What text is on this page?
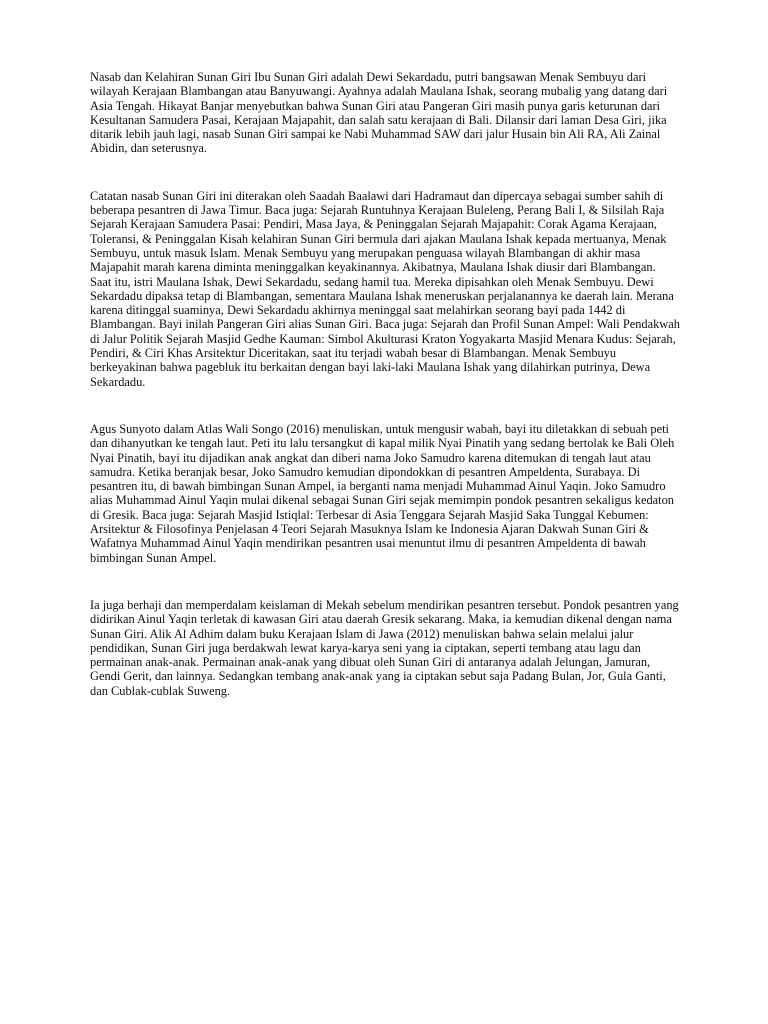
Nasab dan Kelahiran Sunan Giri Ibu Sunan Giri adalah Dewi Sekardadu, putri bangsawan Menak Sembuyu dari wilayah Kerajaan Blambangan atau Banyuwangi. Ayahnya adalah Maulana Ishak, seorang mubalig yang datang dari Asia Tengah. Hikayat Banjar menyebutkan bahwa Sunan Giri atau Pangeran Giri masih punya garis keturunan dari Kesultanan Samudera Pasai, Kerajaan Majapahit, dan salah satu kerajaan di Bali. Dilansir dari laman Desa Giri, jika ditarik lebih jauh lagi, nasab Sunan Giri sampai ke Nabi Muhammad SAW dari jalur Husain bin Ali RA, Ali Zainal Abidin, dan seterusnya.

Catatan nasab Sunan Giri ini diterakan oleh Saadah Baalawi dari Hadramaut dan dipercaya sebagai sumber sahih di beberapa pesantren di Jawa Timur. Baca juga: Sejarah Runtuhnya Kerajaan Buleleng, Perang Bali I, & Silsilah Raja Sejarah Kerajaan Samudera Pasai: Pendiri, Masa Jaya, & Peninggalan Sejarah Majapahit: Corak Agama Kerajaan, Toleransi, & Peninggalan Kisah kelahiran Sunan Giri bermula dari ajakan Maulana Ishak kepada mertuanya, Menak Sembuyu, untuk masuk Islam. Menak Sembuyu yang merupakan penguasa wilayah Blambangan di akhir masa Majapahit marah karena diminta meninggalkan keyakinannya. Akibatnya, Maulana Ishak diusir dari Blambangan. Saat itu, istri Maulana Ishak, Dewi Sekardadu, sedang hamil tua. Mereka dipisahkan oleh Menak Sembuyu. Dewi Sekardadu dipaksa tetap di Blambangan, sementara Maulana Ishak meneruskan perjalanannya ke daerah lain. Merana karena ditinggal suaminya, Dewi Sekardadu akhirnya meninggal saat melahirkan seorang bayi pada 1442 di Blambangan. Bayi inilah Pangeran Giri alias Sunan Giri. Baca juga: Sejarah dan Profil Sunan Ampel: Wali Pendakwah di Jalur Politik Sejarah Masjid Gedhe Kauman: Simbol Akulturasi Kraton Yogyakarta Masjid Menara Kudus: Sejarah, Pendiri, & Ciri Khas Arsitektur Diceritakan, saat itu terjadi wabah besar di Blambangan. Menak Sembuyu berkeyakinan bahwa pagebluk itu berkaitan dengan bayi laki-laki Maulana Ishak yang dilahirkan putrinya, Dewa Sekardadu.

Agus Sunyoto dalam Atlas Wali Songo (2016) menuliskan, untuk mengusir wabah, bayi itu diletakkan di sebuah peti dan dihanyutkan ke tengah laut. Peti itu lalu tersangkut di kapal milik Nyai Pinatih yang sedang bertolak ke Bali Oleh Nyai Pinatih, bayi itu dijadikan anak angkat dan diberi nama Joko Samudro karena ditemukan di tengah laut atau samudra. Ketika beranjak besar, Joko Samudro kemudian dipondokkan di pesantren Ampeldenta, Surabaya. Di pesantren itu, di bawah bimbingan Sunan Ampel, ia berganti nama menjadi Muhammad Ainul Yaqin. Joko Samudro alias Muhammad Ainul Yaqin mulai dikenal sebagai Sunan Giri sejak memimpin pondok pesantren sekaligus kedaton di Gresik. Baca juga: Sejarah Masjid Istiqlal: Terbesar di Asia Tenggara Sejarah Masjid Saka Tunggal Kebumen: Arsitektur & Filosofinya Penjelasan 4 Teori Sejarah Masuknya Islam ke Indonesia Ajaran Dakwah Sunan Giri & Wafatnya Muhammad Ainul Yaqin mendirikan pesantren usai menuntut ilmu di pesantren Ampeldenta di bawah bimbingan Sunan Ampel.

Ia juga berhaji dan memperdalam keislaman di Mekah sebelum mendirikan pesantren tersebut. Pondok pesantren yang didirikan Ainul Yaqin terletak di kawasan Giri atau daerah Gresik sekarang. Maka, ia kemudian dikenal dengan nama Sunan Giri. Alik Al Adhim dalam buku Kerajaan Islam di Jawa (2012) menuliskan bahwa selain melalui jalur pendidikan, Sunan Giri juga berdakwah lewat karya-karya seni yang ia ciptakan, seperti tembang atau lagu dan permainan anak-anak. Permainan anak-anak yang dibuat oleh Sunan Giri di antaranya adalah Jelungan, Jamuran, Gendi Gerit, dan lainnya. Sedangkan tembang anak-anak yang ia ciptakan sebut saja Padang Bulan, Jor, Gula Ganti, dan Cublak-cublak Suweng.
